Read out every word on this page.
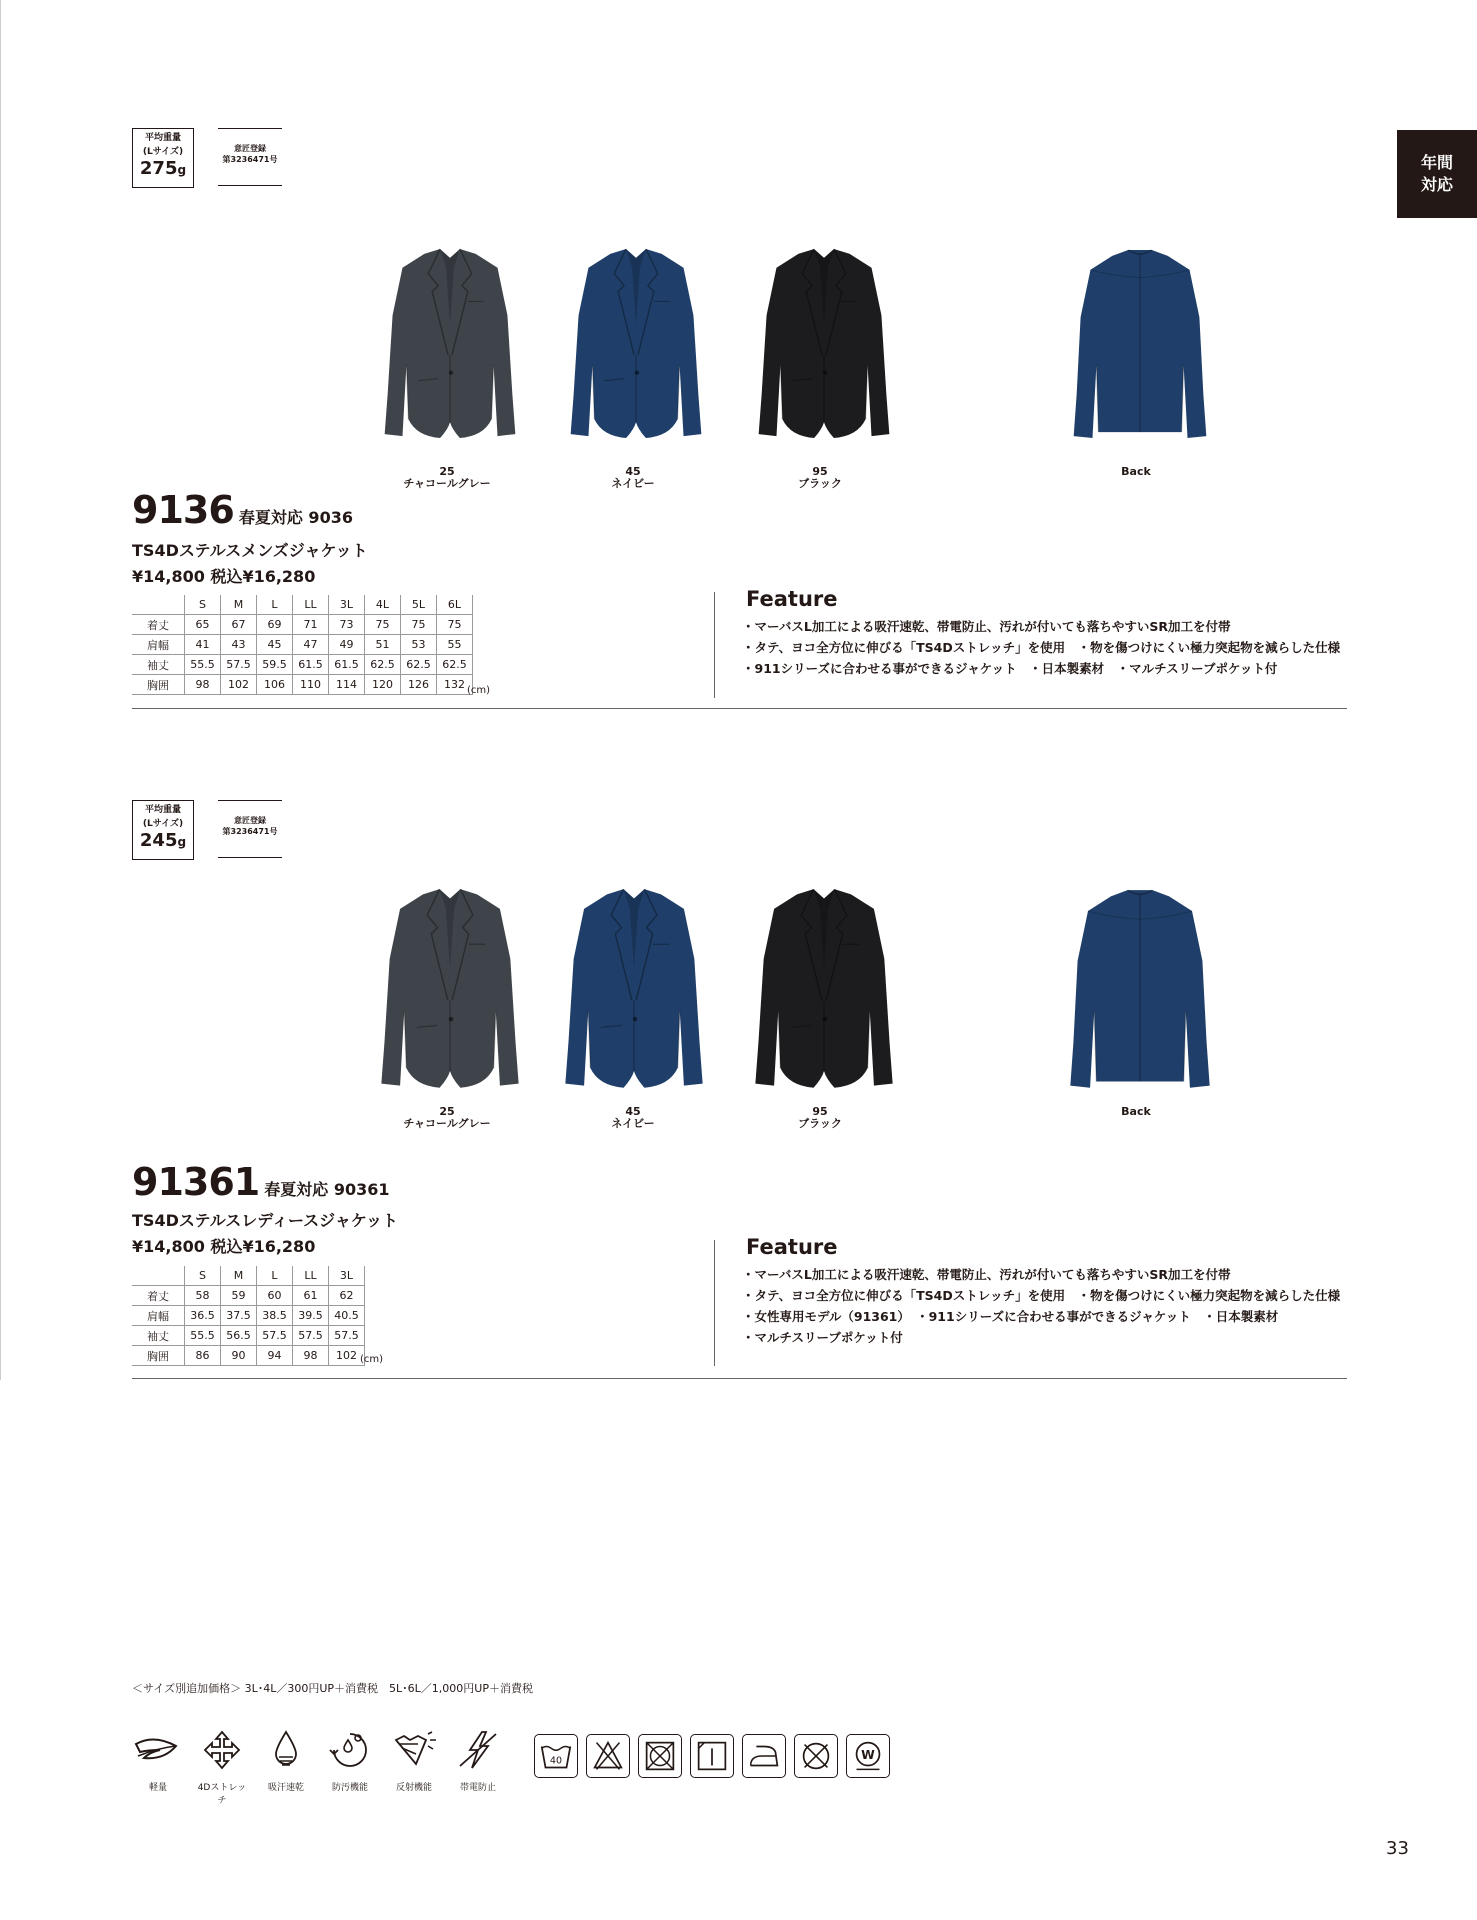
年間
対応
平均重量
(Lサイズ)
275g
意匠登録
第3236471号
25
チャコールグレー
45
ネイビー
95
ブラック
Back
9136 春夏対応 9036
TS4Dステルスメンズジャケット
¥14,800 税込¥16,280
	S	M	L	LL	3L	4L	5L	6L
着丈	65	67	69	71	73	75	75	75
肩幅	41	43	45	47	49	51	53	55
袖丈	55.5	57.5	59.5	61.5	61.5	62.5	62.5	62.5
胸囲	98	102	106	110	114	120	126	132 (cm)
Feature
・マーバスL加工による吸汗速乾、帯電防止、汚れが付いても落ちやすいSR加工を付帯
・タテ、ヨコ全方位に伸びる「TS4Dストレッチ」を使用　・物を傷つけにくい極力突起物を減らした仕様
・911シリーズに合わせる事ができるジャケット　・日本製素材　・マルチスリーブポケット付
平均重量
(Lサイズ)
245g
意匠登録
第3236471号
25
チャコールグレー
45
ネイビー
95
ブラック
Back
91361 春夏対応 90361
TS4Dステルスレディースジャケット
¥14,800 税込¥16,280
	S	M	L	LL	3L
着丈	58	59	60	61	62
肩幅	36.5	37.5	38.5	39.5	40.5
袖丈	55.5	56.5	57.5	57.5	57.5
胸囲	86	90	94	98	102 (cm)
Feature
・マーバスL加工による吸汗速乾、帯電防止、汚れが付いても落ちやすいSR加工を付帯
・タテ、ヨコ全方位に伸びる「TS4Dストレッチ」を使用　・物を傷つけにくい極力突起物を減らした仕様
・女性専用モデル（91361）　・911シリーズに合わせる事ができるジャケット　・日本製素材
・マルチスリーブポケット付
＜サイズ別追加価格＞ 3L･4L／300円UP＋消費税　5L･6L／1,000円UP＋消費税
軽量	4Dストレッチ
吸汗速乾	防汚機能	反射機能	帯電防止
40	W
33
